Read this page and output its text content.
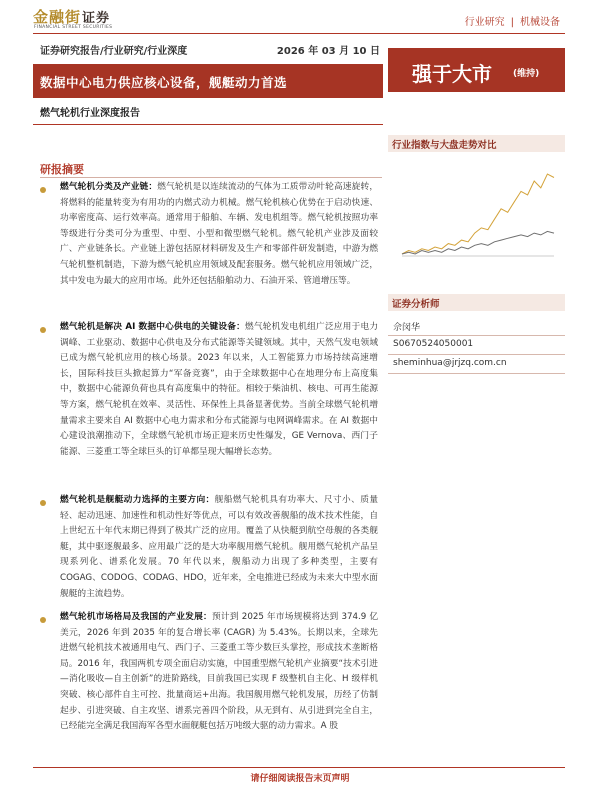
金融街证券
FINANCIAL STREET SECURITIES	行业研究 | 机械设备
证券研究报告/行业研究/行业深度	2026 年 03 月 10 日
数据中心电力供应核心设备，舰艇动力首选
燃气轮机行业深度报告
强于大市 (维持)
行业指数与大盘走势对比
证券分析师
佘闵华
S0670524050001
sheminhua@jrjzq.com.cn
研报摘要
燃气轮机分类及产业链：燃气轮机是以连续流动的气体为工质带动叶轮高速旋转，将燃料的能量转变为有用功的内燃式动力机械。燃气轮机核心优势在于启动快速、功率密度高、运行效率高。通常用于船舶、车辆、发电机组等。燃气轮机按照功率等级进行分类可分为重型、中型、小型和微型燃气轮机。燃气轮机产业涉及面较广、产业链条长。产业链上游包括原材料研发及生产和零部件研发制造，中游为燃气轮机整机制造，下游为燃气轮机应用领域及配套服务。燃气轮机应用领域广泛，其中发电为最大的应用市场。此外还包括船舶动力、石油开采、管道增压等。
燃气轮机是解决 AI 数据中心供电的关键设备：燃气轮机发电机组广泛应用于电力调峰、工业驱动、数据中心供电及分布式能源等关键领域。其中，天然气发电领域已成为燃气轮机应用的核心场景。2023 年以来，人工智能算力市场持续高速增长，国际科技巨头掀起算力“军备竞赛”，由于全球数据中心在地理分布上高度集中，数据中心能源负荷也具有高度集中的特征。相较于柴油机、核电、可再生能源等方案，燃气轮机在效率、灵活性、环保性上具备显著优势。当前全球燃气轮机增量需求主要来自 AI 数据中心电力需求和分布式能源与电网调峰需求。在 AI 数据中心建设浪潮推动下，全球燃气轮机市场正迎来历史性爆发，GE Vernova、西门子能源、三菱重工等全球巨头的订单都呈现大幅增长态势。
燃气轮机是舰艇动力选择的主要方向：舰船燃气轮机具有功率大、尺寸小、质量轻、起动迅速、加速性和机动性好等优点，可以有效改善舰船的战术技术性能，自上世纪五十年代末期已得到了极其广泛的应用。覆盖了从快艇到航空母舰的各类舰艇，其中驱逐舰最多、应用最广泛的是大功率舰用燃气轮机。舰用燃气轮机产品呈现系列化、谱系化发展。70 年代以来，舰船动力出现了多种类型，主要有 COGAG、CODOG、CODAG、HDO，近年来，全电推进已经成为未来大中型水面舰艇的主流趋势。
燃气轮机市场格局及我国的产业发展：预计到 2025 年市场规模将达到 374.9 亿美元，2026 年到 2035 年的复合增长率 (CAGR) 为 5.43%。长期以来，全球先进燃气轮机技术被通用电气、西门子、三菱重工等少数巨头掌控，形成技术垄断格局。2016 年，我国两机专项全面启动实施，中国重型燃气轮机产业摘要“技术引进—消化吸收—自主创新”的进阶路线，目前我国已实现 F 级整机自主化、H 级样机突破、核心部件自主可控、批量商运+出海。我国舰用燃气轮机发展，历经了仿制起步、引进突破、自主攻坚、谱系完善四个阶段，从无到有、从引进到完全自主，已经能完全满足我国海军各型水面舰艇包括万吨级大驱的动力需求。A 股
请仔细阅读报告末页声明
